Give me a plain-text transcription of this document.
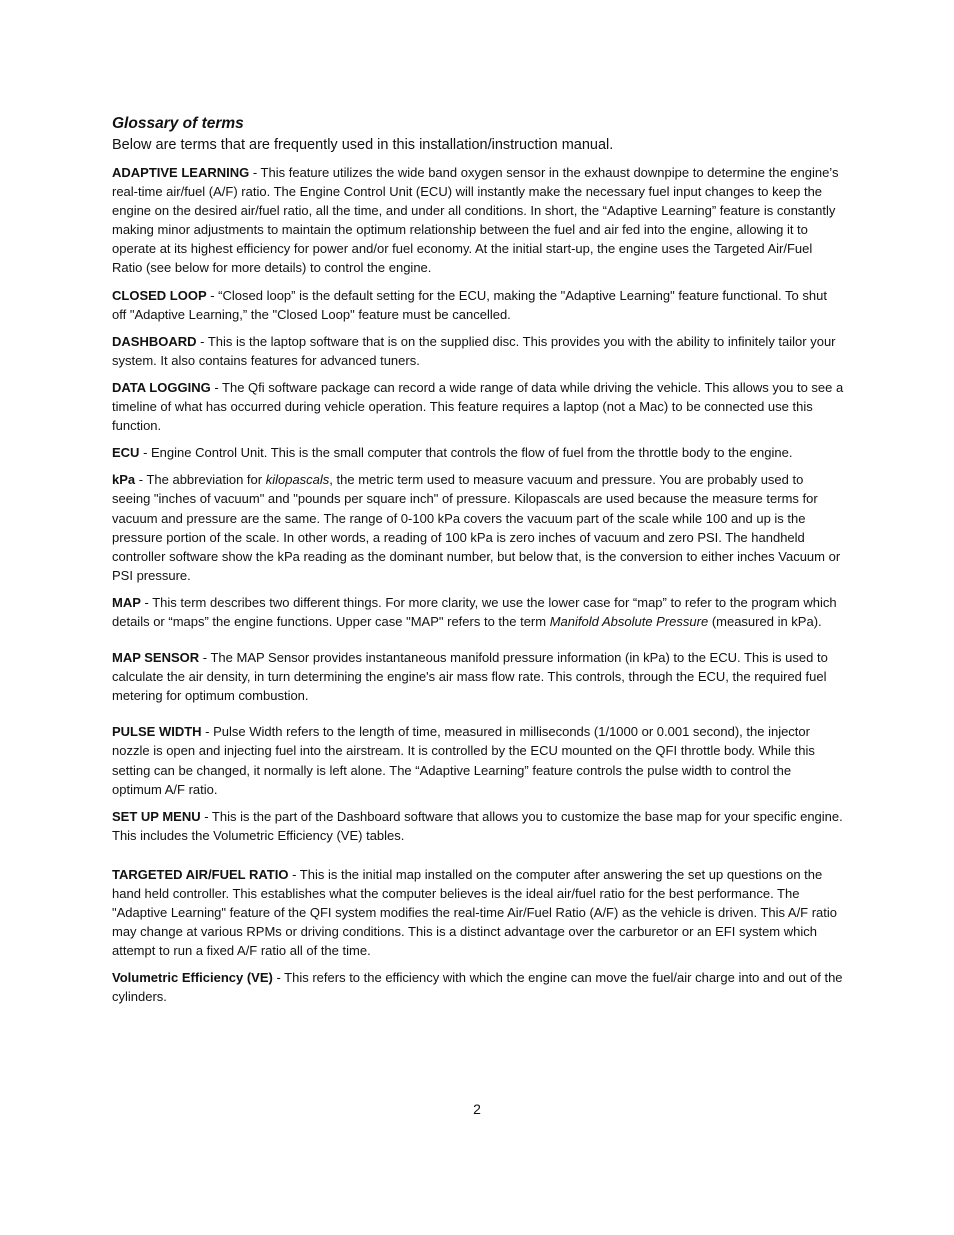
Glossary of terms

Below are terms that are frequently used in this installation/instruction manual.

ADAPTIVE LEARNING - This feature utilizes the wide band oxygen sensor in the exhaust downpipe to determine the engine’s real-time air/fuel (A/F) ratio. The Engine Control Unit (ECU) will instantly make the necessary fuel input changes to keep the engine on the desired air/fuel ratio, all the time, and under all conditions. In short, the “Adaptive Learning” feature is constantly making minor adjustments to maintain the optimum relationship between the fuel and air fed into the engine, allowing it to operate at its highest efficiency for power and/or fuel economy. At the initial start-up, the engine uses the Targeted Air/Fuel Ratio (see below for more details) to control the engine.

CLOSED LOOP - “Closed loop” is the default setting for the ECU, making the "Adaptive Learning" feature functional. To shut off "Adaptive Learning,” the "Closed Loop" feature must be cancelled.

DASHBOARD - This is the laptop software that is on the supplied disc. This provides you with the ability to infinitely tailor your system. It also contains features for advanced tuners.

DATA LOGGING - The Qfi software package can record a wide range of data while driving the vehicle. This allows you to see a timeline of what has occurred during vehicle operation. This feature requires a laptop (not a Mac) to be connected use this function.

ECU - Engine Control Unit. This is the small computer that controls the flow of fuel from the throttle body to the engine.

kPa - The abbreviation for kilopascals, the metric term used to measure vacuum and pressure. You are probably used to seeing "inches of vacuum" and "pounds per square inch" of pressure. Kilopascals are used because the measure terms for vacuum and pressure are the same. The range of 0-100 kPa covers the vacuum part of the scale while 100 and up is the pressure portion of the scale. In other words, a reading of 100 kPa is zero inches of vacuum and zero PSI. The handheld controller software show the kPa reading as the dominant number, but below that, is the conversion to either inches Vacuum or PSI pressure.

MAP - This term describes two different things. For more clarity, we use the lower case for “map” to refer to the program which details or “maps” the engine functions. Upper case "MAP" refers to the term Manifold Absolute Pressure (measured in kPa).

MAP SENSOR - The MAP Sensor provides instantaneous manifold pressure information (in kPa) to the ECU. This is used to calculate the air density, in turn determining the engine's air mass flow rate. This controls, through the ECU, the required fuel metering for optimum combustion.

PULSE WIDTH - Pulse Width refers to the length of time, measured in milliseconds (1/1000 or 0.001 second), the injector nozzle is open and injecting fuel into the airstream. It is controlled by the ECU mounted on the QFI throttle body. While this setting can be changed, it normally is left alone. The “Adaptive Learning” feature controls the pulse width to control the optimum A/F ratio.

SET UP MENU - This is the part of the Dashboard software that allows you to customize the base map for your specific engine. This includes the Volumetric Efficiency (VE) tables.

TARGETED AIR/FUEL RATIO - This is the initial map installed on the computer after answering the set up questions on the hand held controller. This establishes what the computer believes is the ideal air/fuel ratio for the best performance. The "Adaptive Learning" feature of the QFI system modifies the real-time Air/Fuel Ratio (A/F) as the vehicle is driven. This A/F ratio may change at various RPMs or driving conditions. This is a distinct advantage over the carburetor or an EFI system which attempt to run a fixed A/F ratio all of the time.

Volumetric Efficiency (VE) - This refers to the efficiency with which the engine can move the fuel/air charge into and out of the cylinders.

2
